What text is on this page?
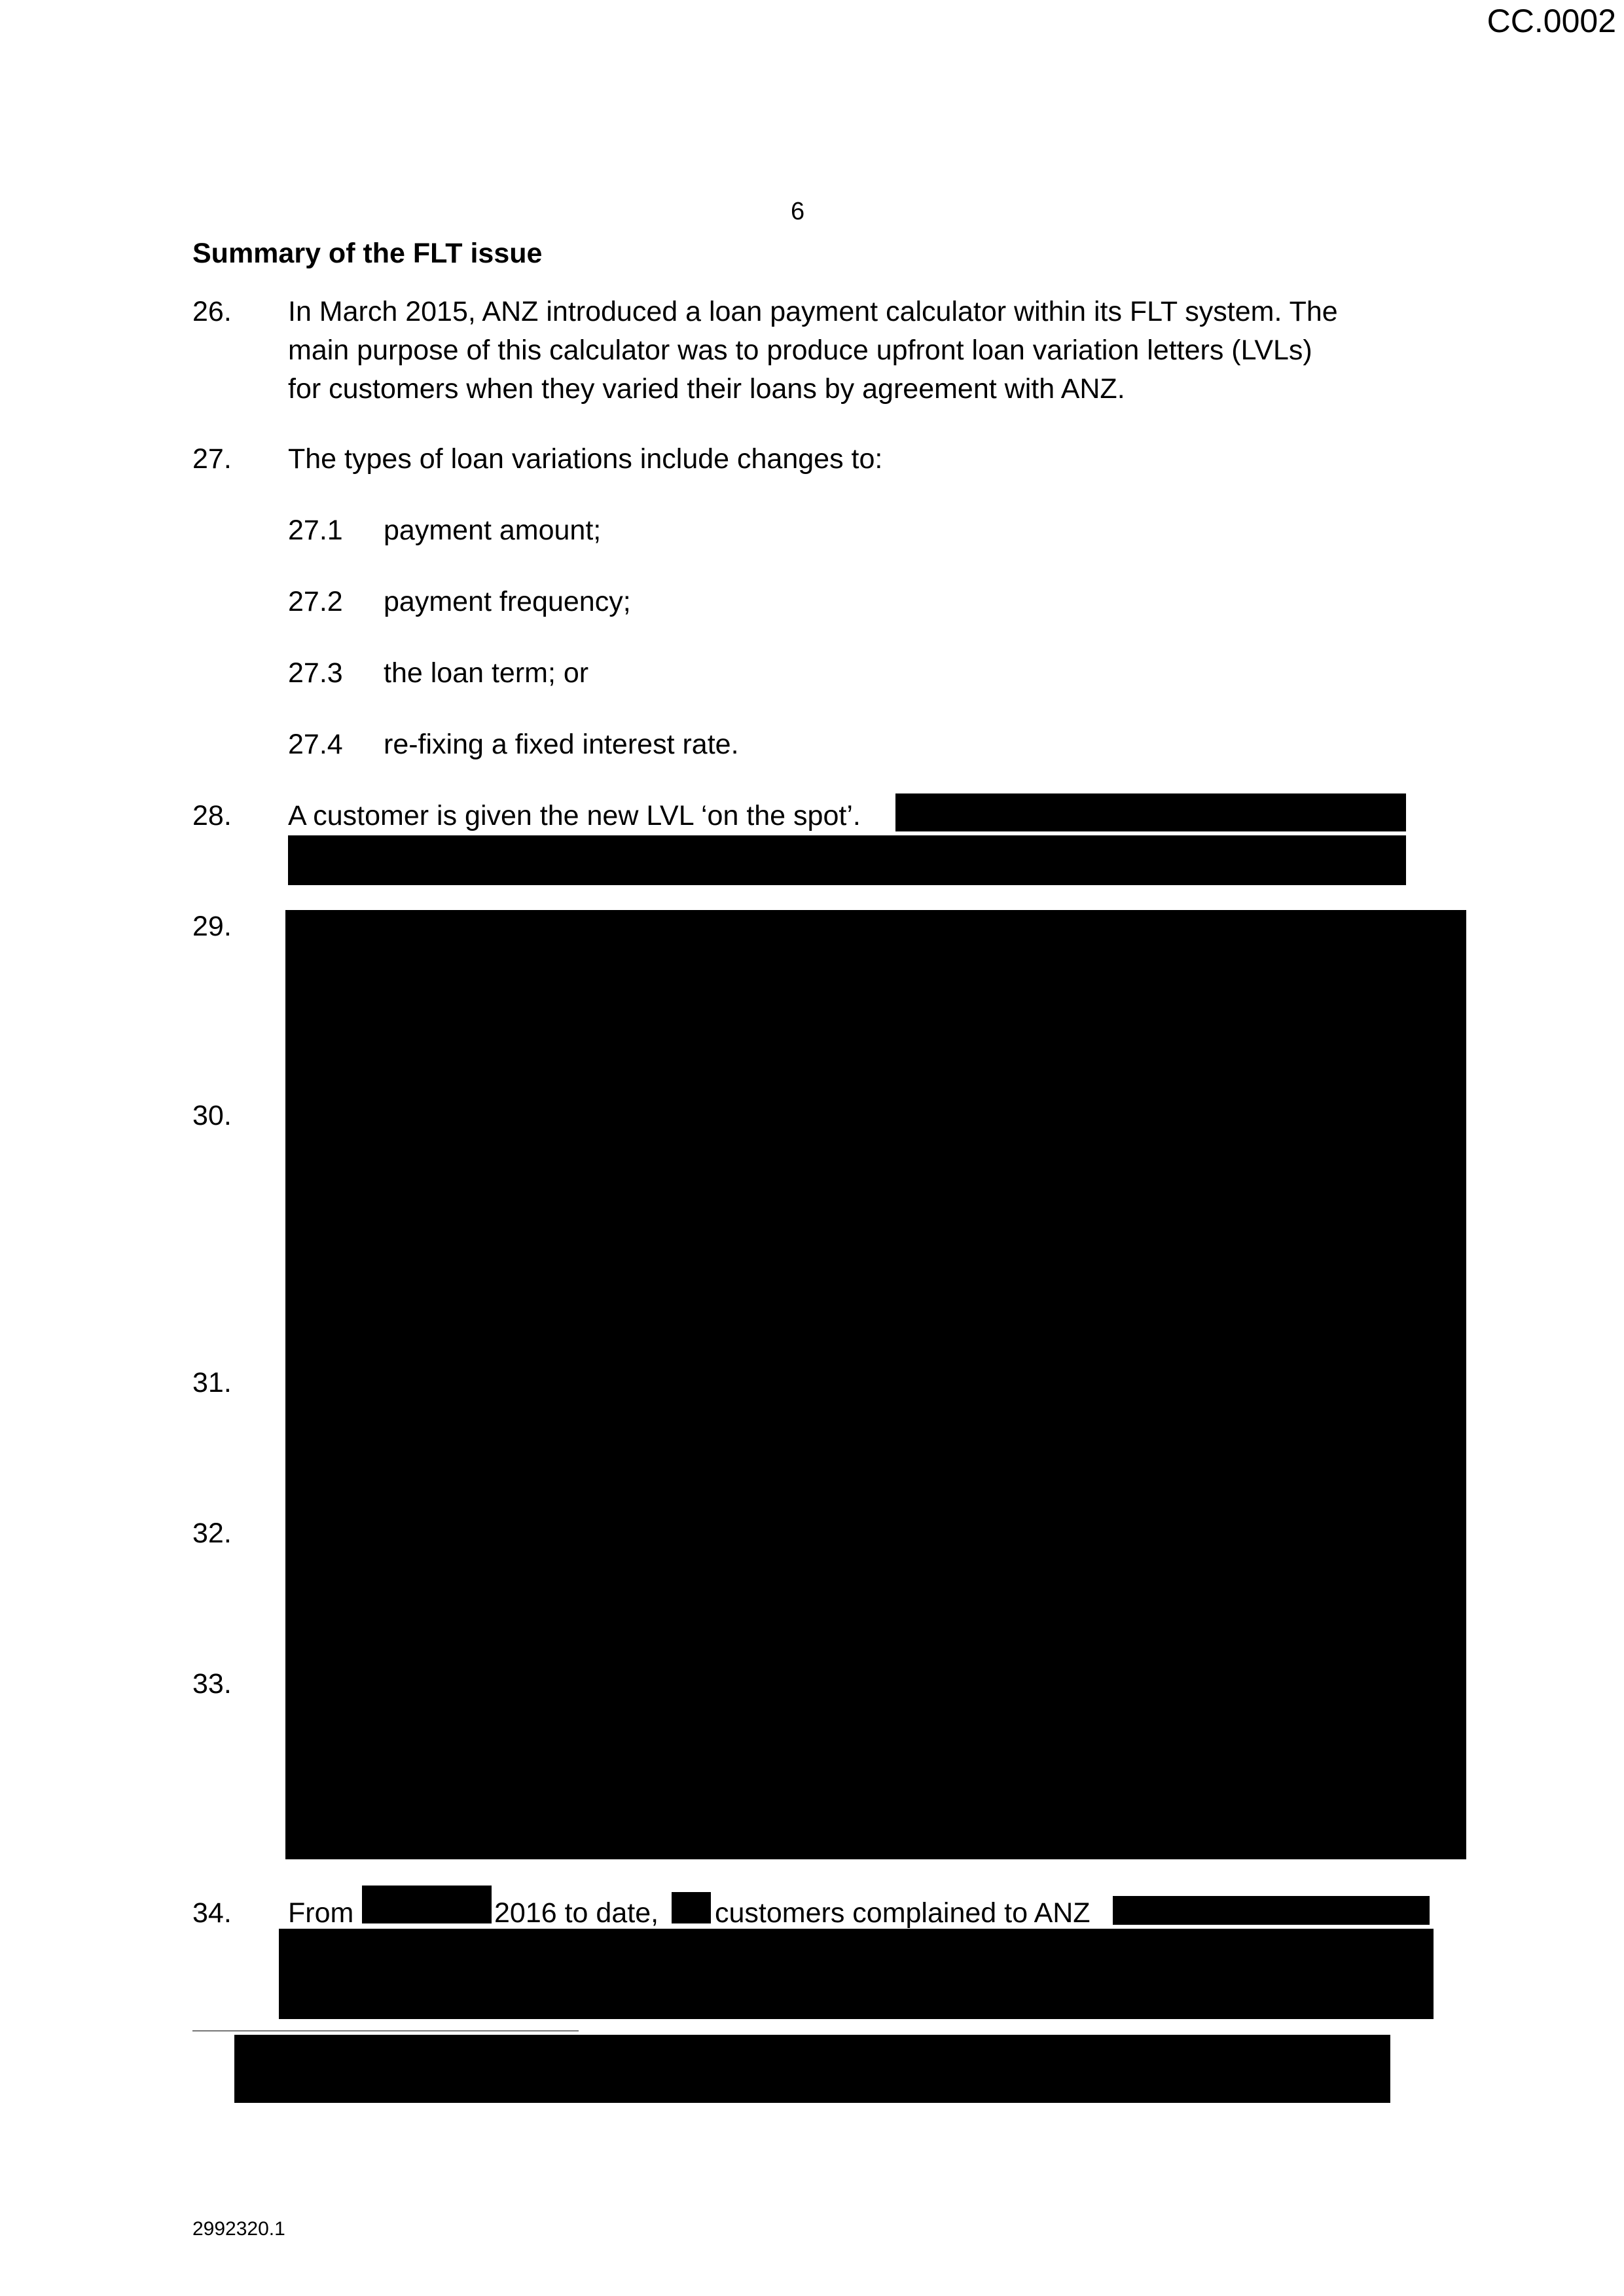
CC.0002
6
Summary of the FLT issue
26. In March 2015, ANZ introduced a loan payment calculator within its FLT system. The
main purpose of this calculator was to produce upfront loan variation letters (LVLs)
for customers when they varied their loans by agreement with ANZ.
27. The types of loan variations include changes to:
27.1 payment amount;
27.2 payment frequency;
27.3 the loan term; or
27.4 re-fixing a fixed interest rate.
28. A customer is given the new LVL ‘on the spot’.
29.
30.
31.
32.
33.
34. From	2016 to date, customers complained to ANZ
2992320.1
